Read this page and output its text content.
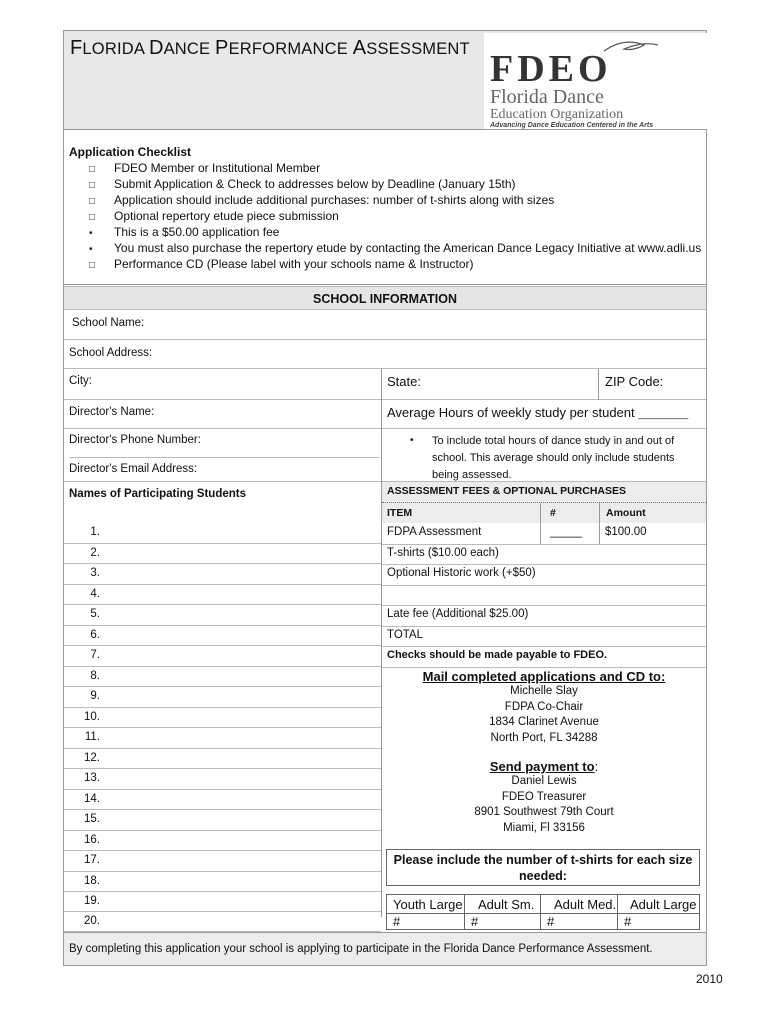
FLORIDA DANCE PERFORMANCE ASSESSMENT FDEO
Florida Dance
Education Organization
Advancing Dance Education Centered in the Arts
Application Checklist
□ FDEO Member or Institutional Member
□ Submit Application & Check to addresses below by Deadline (January 15th)
□ Application should include additional purchases: number of t-shirts along with sizes
□ Optional repertory etude piece submission
• This is a $50.00 application fee
• You must also purchase the repertory etude by contacting the American Dance Legacy Initiative at www.adli.us
□ Performance CD (Please label with your schools name & Instructor)
SCHOOL INFORMATION
School Name:
School Address:
City:	State:	ZIP Code:
Director's Name:	Average Hours of weekly study per student __________
Director's Phone Number:
Director's Email Address:
• To include total hours of dance study in and out of school. This average should only include students being assessed.
Names of Participating Students	ASSESSMENT FEES & OPTIONAL PURCHASES
ITEM	#	Amount
1.
2.
3.
4.
5.
6.
7.
8.
9.
10.
11.
12.
13.
14.
15.
16.
17.
18.
19.
20.
FDPA Assessment	_____ $100.00
T-shirts ($10.00 each)
Optional Historic work (+$50)
Late fee (Additional $25.00)
TOTAL
Checks should be made payable to FDEO.
Mail completed applications and CD to:
Michelle Slay
FDPA Co-Chair
1834 Clarinet Avenue
North Port, FL 34288
Send payment to:
Daniel Lewis
FDEO Treasurer
8901 Southwest 79th Court
Miami, Fl 33156
Please include the number of t-shirts for each size needed:
Youth Large Adult Sm. Adult Med. Adult Large
#	#	#	#
By completing this application your school is applying to participate in the Florida Dance Performance Assessment.
2010
